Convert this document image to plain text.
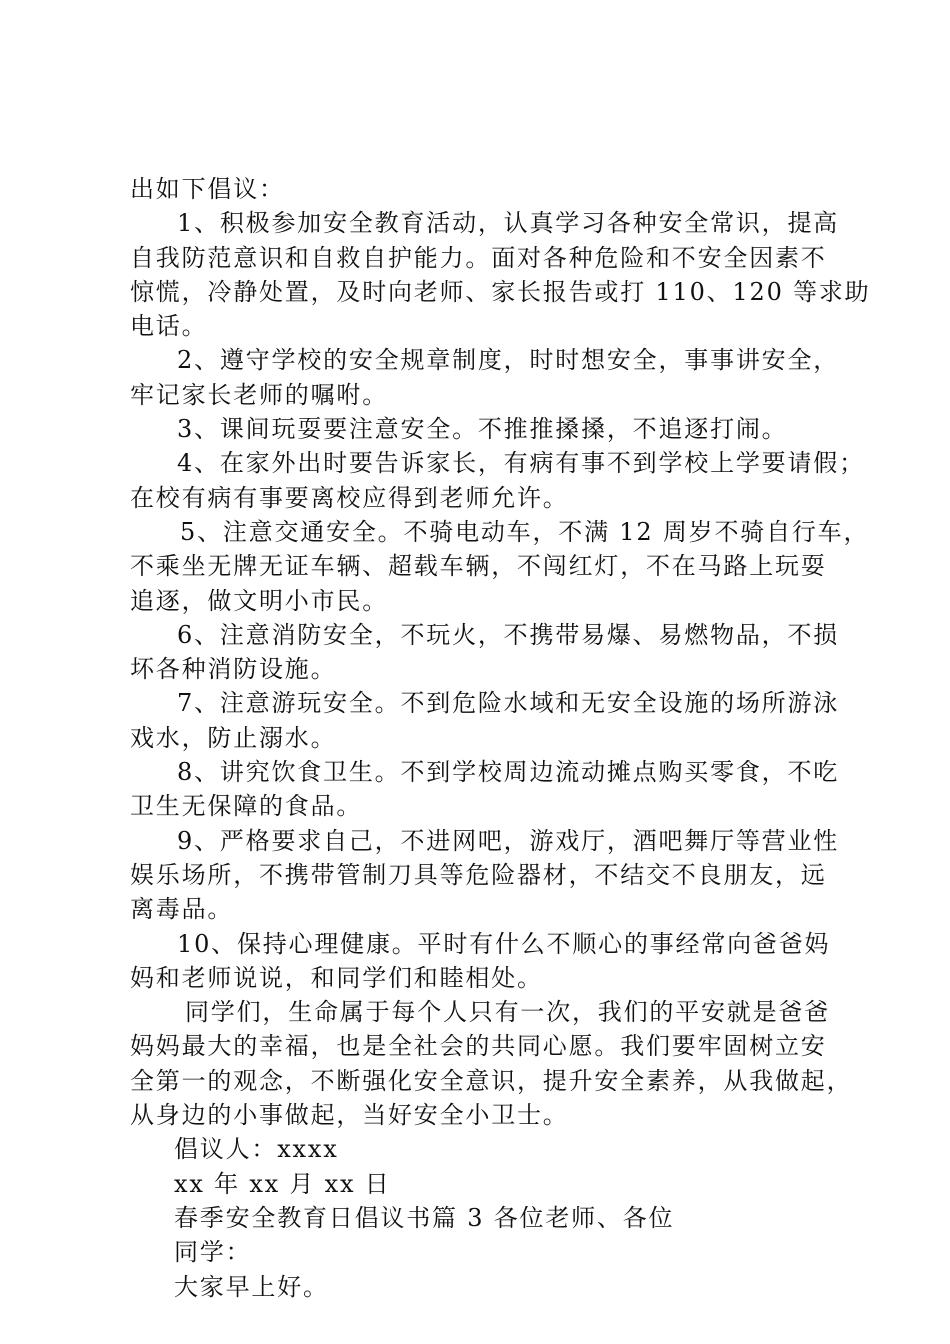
出如下倡议：
1、积极参加安全教育活动，认真学习各种安全常识，提高
自我防范意识和自救自护能力。面对各种危险和不安全因素不
惊慌，冷静处置，及时向老师、家长报告或打 110、120 等求助
电话。
2、遵守学校的安全规章制度，时时想安全，事事讲安全，
牢记家长老师的嘱咐。
3、课间玩耍要注意安全。不推推搡搡，不追逐打闹。
4、在家外出时要告诉家长，有病有事不到学校上学要请假；
在校有病有事要离校应得到老师允许。
5、注意交通安全。不骑电动车，不满 12 周岁不骑自行车，
不乘坐无牌无证车辆、超载车辆，不闯红灯，不在马路上玩耍
追逐，做文明小市民。
6、注意消防安全，不玩火，不携带易爆、易燃物品，不损
坏各种消防设施。
7、注意游玩安全。不到危险水域和无安全设施的场所游泳
戏水，防止溺水。
8、讲究饮食卫生。不到学校周边流动摊点购买零食，不吃
卫生无保障的食品。
9、严格要求自己，不进网吧，游戏厅，酒吧舞厅等营业性
娱乐场所，不携带管制刀具等危险器材，不结交不良朋友，远
离毒品。
10、保持心理健康。平时有什么不顺心的事经常向爸爸妈
妈和老师说说，和同学们和睦相处。
同学们，生命属于每个人只有一次，我们的平安就是爸爸
妈妈最大的幸福，也是全社会的共同心愿。我们要牢固树立安
全第一的观念，不断强化安全意识，提升安全素养，从我做起，
从身边的小事做起，当好安全小卫士。
倡议人：xxxx
xx 年 xx 月 xx 日
春季安全教育日倡议书篇 3 各位老师、各位
同学：
大家早上好。
